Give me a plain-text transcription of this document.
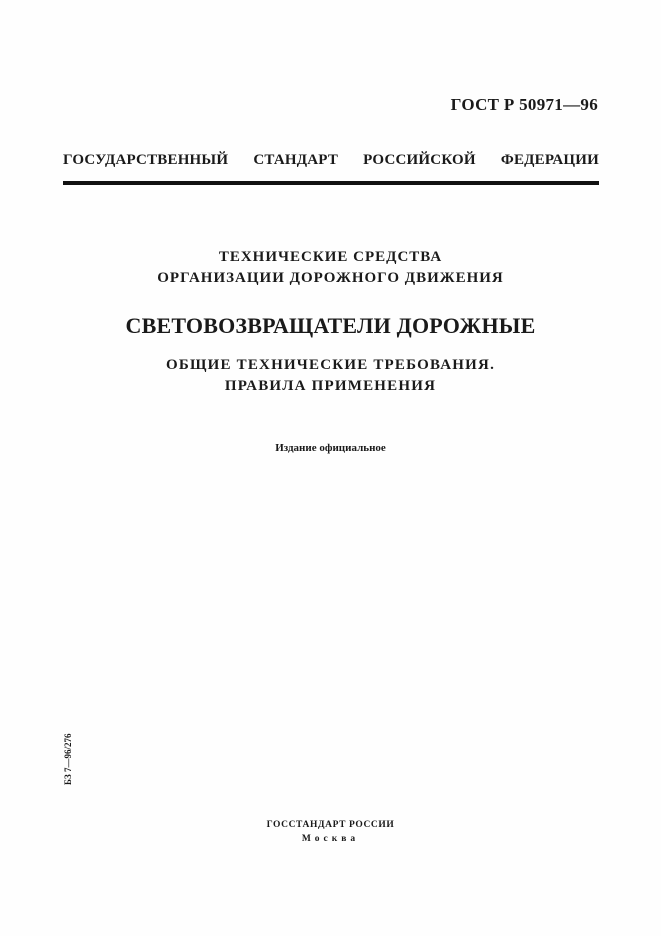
ГОСТ Р 50971—96
ГОСУДАРСТВЕННЫЙ СТАНДАРТ РОССИЙСКОЙ ФЕДЕРАЦИИ
ТЕХНИЧЕСКИЕ СРЕДСТВА
ОРГАНИЗАЦИИ ДОРОЖНОГО ДВИЖЕНИЯ
СВЕТОВОЗВРАЩАТЕЛИ ДОРОЖНЫЕ
ОБЩИЕ ТЕХНИЧЕСКИЕ ТРЕБОВАНИЯ.
ПРАВИЛА ПРИМЕНЕНИЯ
Издание официальное
БЗ 7—96/276
ГОССТАНДАРТ РОССИИ
Москва
